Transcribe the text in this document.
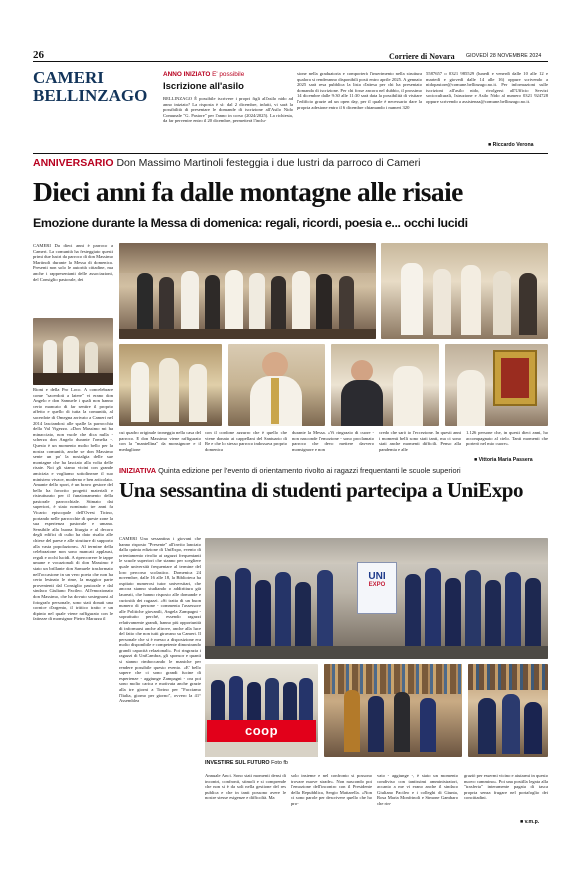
26	Corriere di Novara GIOVEDÌ 28 NOVEMBRE 2024
CAMERI
BELLINZAGO
ANNO INIZIATO E' possibile
Iscrizione all'asilo
BELLINZAGO È possibile iscrivere i propri figli all'asilo nido ad anno iniziato? La risposta è sì: dal 2 dicembre, infatti, vi sarà la possibilità di presentare le domande di iscrizione all'Asilo Nido Comunale "G. Pastore" per l'anno in corso (2024/2025). La richiesta, da far pervenire entro il 20 dicembre, permetterà l'inclu-
sione nella graduatoria e comporterà l'inserimento nella struttura qualora si renderanno disponibili posti entro aprile 2025. A gennaio 2025 sarà resa pubblica la lista d'attesa per chi ha presentato domanda di iscrizione. Per chi fosse ancora nel dubbio, il prossimo 14 dicembre dalle 9:30 alle 11:30 sarà data la possibilità di visitare l'edificio grazie ad un open day, per il quale è necessario dare la propria adesione entro il 6 dicembre chiamando i numeri 320
5587657 o 0321 985529 (lunedì e venerdì dalle 10 alle 12 e martedì e giovedì dalle 14 alle 16) oppure scrivendo a nidopastore@comune.bellinzago.no.it. Per informazioni sulle iscrizioni all'asilo nido, rivolgersi all'Ufficio Servizi socioculturali, Istruzione e Asilo Nido al numero 0321 924728 oppure scrivendo a assistenza@comune.bellinzago.no.it.
■ Riccardo Verona
ANNIVERSARIO Don Massimo Martinoli festeggia i due lustri da parroco di Cameri
Dieci anni fa dalle montagne alle risaie
Emozione durante la Messa di domenica: regali, ricordi, poesia e... occhi lucidi
CAMERI Da dieci anni è parroco a Cameri. La comunità ha festeggiato questi primi due lustri da parroco di don Massimo Martinoli durante la Messa di domenica. Presenti non solo le autorità cittadine, ma anche i rappresentanti delle associazioni, del Consiglio pastorale, dei
Rioni e della Pro Loco. A concelebrare come "sacerdoti a latere" vi erano don Angelo e don Samuele i quali non hanno certo mancato di far sentire il proprio affetto e quello di tutta la comunità, al sacerdote di Omegna arrivato a Cameri nel 2014 lasciandosi alle spalle la parrocchia della Val Vigezzo. «Don Massimo mi ha minacciato, non vuole che dica nulla - scherza don Angelo durante l'omelia -. Questo è un momento molto bello per la nostra comunità, anche se don Massimo sente un po' la nostalgia delle sue montagne che ha lasciato alla volta delle risaie. Noi gli siamo vicini con grande amicizia e vogliamo sottolineare il suo ministero vivace, moderno e ben articolato. Amante dello sport, è un bravo gestore del bello ha favorito progetti materiali e ristrutturato per il funzionamento della pastorale parrocchiale. Stimato dai superiori, è stato nominato tre anni fa Vicario episcopale dell'Ovest Ticino, portando nelle parrocchie di queste zone la sua esperienza pastorale e umana. Sensibile alla buona liturgia e al decoro degli edifici di culto ha dato risalto alle chiese del paese e alle strutture di supporto alla vasta popolazione». Al termine della celebrazione non sono mancati applausi, regali e occhi lucidi. A ripercorrere le tappe umane e vocazionali di don Massimo è stato un brillante don Samuele trasformato nell'occasione in un vero poeta che non ha certo lesinato le rime, la maggior parte provenienti dal Consiglio pastorale e dal sindaco Giuliano Pacileo. All'emozionato don Massimo, che ha dovuto sostegnarsi al fotografo personale, sono stati donati una cornice d'argento, il trittico tratto e un dipinto nel quale viene raffigurato con le fattezze di monsignor Pietro Marazza il
cui quadro originale troneggia nella casa del parroco. E don Massimo viene raffigurato con la "mantellina" da monsignore e il medaglione
con il cordone azzurro che è quello che viene donato ai cappellani del Santuario di Re e che lo stesso parroco indossava proprio domenica
durante la Messa. «Vi ringrazio di cuore - non nasconde l'emozione - sono proclamato parroco che devo mettere davvero monsignore e non
credo che sarò io l'eccezione. In questi anni i momenti belli sono stati tanti, ma ci sono stati anche momenti difficili. Penso alla pandemia e alle
1.126 persone che, in questi dieci anni, ho accompagnato al cielo. Tanti momenti che porterò nel mio cuore».
■ Vittoria Maria Passera
INIZIATIVA Quinta edizione per l'evento di orientamento rivolto ai ragazzi frequentanti le scuole superiori
Una sessantina di studenti partecipa a UniExpo
CAMERI Una sessantina i giovani che hanno risposto "Presente" all'invito lanciato dalla quinta edizione di UniExpo, evento di orientamento rivolto ai ragazzi frequentanti le scuole superiori che stanno per scegliere quale università frequentare al termine del loro percorso scolastico. Domenica 24 novembre, dalle 16 alle 18, la Biblioteca ha ospitato numerosi tutor universitari, che ancora stanno studiando o addirittura già laureati, che hanno risposto alle domande e curiosità dei ragazzi. «Si tratta di un buon numero di persone - commenta l'assessore alle Politiche giovanili, Angela Zampagni - soprattutto perché, essendo ragazzi relativamente grandi, hanno più opportunità di informarsi anche altrove, anche alla luce del fatto che non tutti giravano su Cameri. Il personale che si è messo a disposizione era molto disponibile e competente dimostrando grandi capacità relazionali». Poi ringrazia i ragazzi di UniCambra, gli sponsor e quanti si stanno rimboccando le maniche per rendere possibile questo evento. «E' bello sapere che ci sono grandi fucine di esperienze - aggiunge Zampagni - ora poi sono molto carica e motivata anche grazie alla tre giorni a Torino per "Facciamo l'Italia, giorno per giorno", ovvero la 41° Assemblea
UNI
EXPO
coop
INVESTIRE SUL FUTURO Foto fb
Annuale Anci. Sono stati momenti densi di incontri, confronti, stimoli e si comprende che non si è da soli nella gestione del res publica e che in tanti possono avere le nostre stesse esigenze e difficoltà. Ma
solo insieme e nel confronto si possono trovare nuove strade». Non nascondo poi l'emozione dell'incontro con il Presidente della Repubblica, Sergio Mattarella. «Non ci sono parole per descrivere quello che ho pro-
vato - aggiunge -, è stato un momento condiviso con tantissimi amministratori, accanto a me vi erano anche il sindaco Giuliano Pacileo e i colleghi di Giunta, Rosa Maria Monfrinoli e Simone Gambaro che rin-
graziò per essermi vicino e aiutarmi in questo nuovo cammino». Poi una postilla legata alla "trasferta" interamente pagata di tasca propria senza frugare nel portafoglio dei concittadini.
■ v.m.p.
